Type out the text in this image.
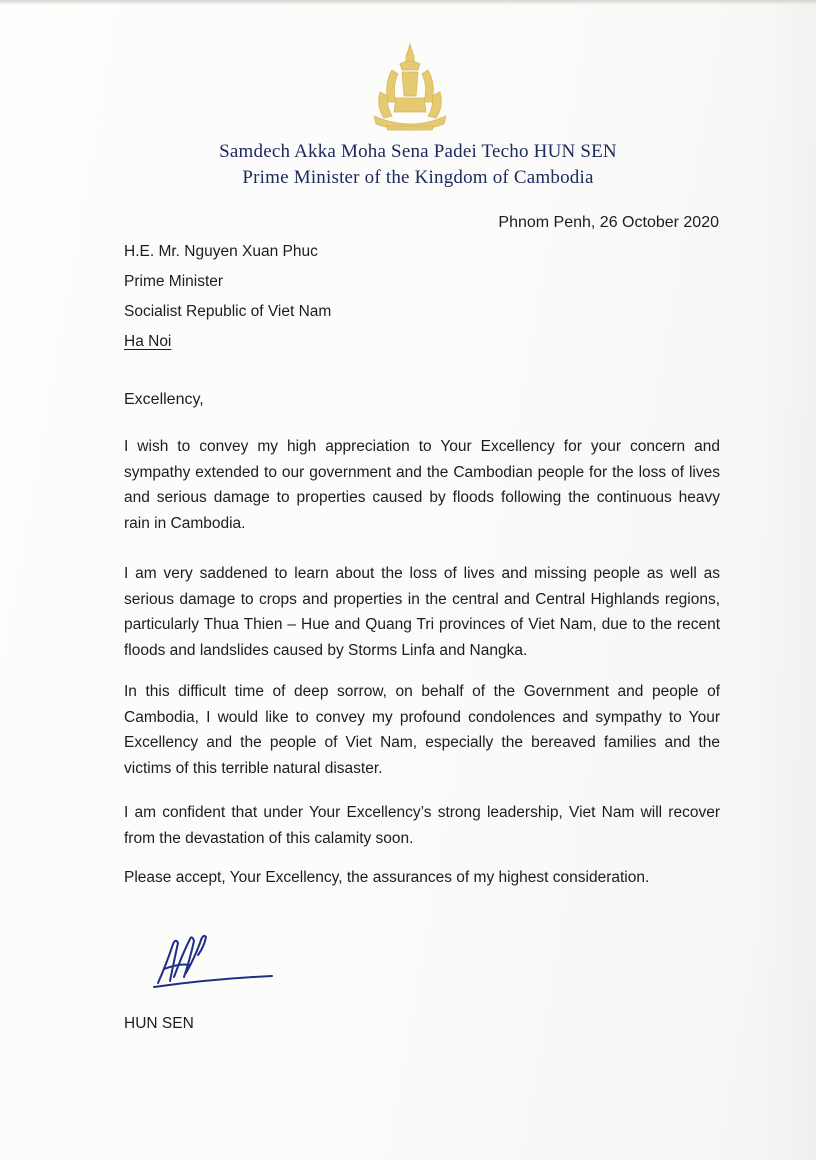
Samdech Akka Moha Sena Padei Techo HUN SEN
Prime Minister of the Kingdom of Cambodia
Phnom Penh, 26 October 2020
H.E. Mr. Nguyen Xuan Phuc
Prime Minister
Socialist Republic of Viet Nam
Ha Noi
Excellency,

I wish to convey my high appreciation to Your Excellency for your concern and sympathy extended to our government and the Cambodian people for the loss of lives and serious damage to properties caused by floods following the continuous heavy rain in Cambodia.

I am very saddened to learn about the loss of lives and missing people as well as serious damage to crops and properties in the central and Central Highlands regions, particularly Thua Thien – Hue and Quang Tri provinces of Viet Nam, due to the recent floods and landslides caused by Storms Linfa and Nangka.

In this difficult time of deep sorrow, on behalf of the Government and people of Cambodia, I would like to convey my profound condolences and sympathy to Your Excellency and the people of Viet Nam, especially the bereaved families and the victims of this terrible natural disaster.

I am confident that under Your Excellency’s strong leadership, Viet Nam will recover from the devastation of this calamity soon.

Please accept, Your Excellency, the assurances of my highest consideration.
HUN SEN
